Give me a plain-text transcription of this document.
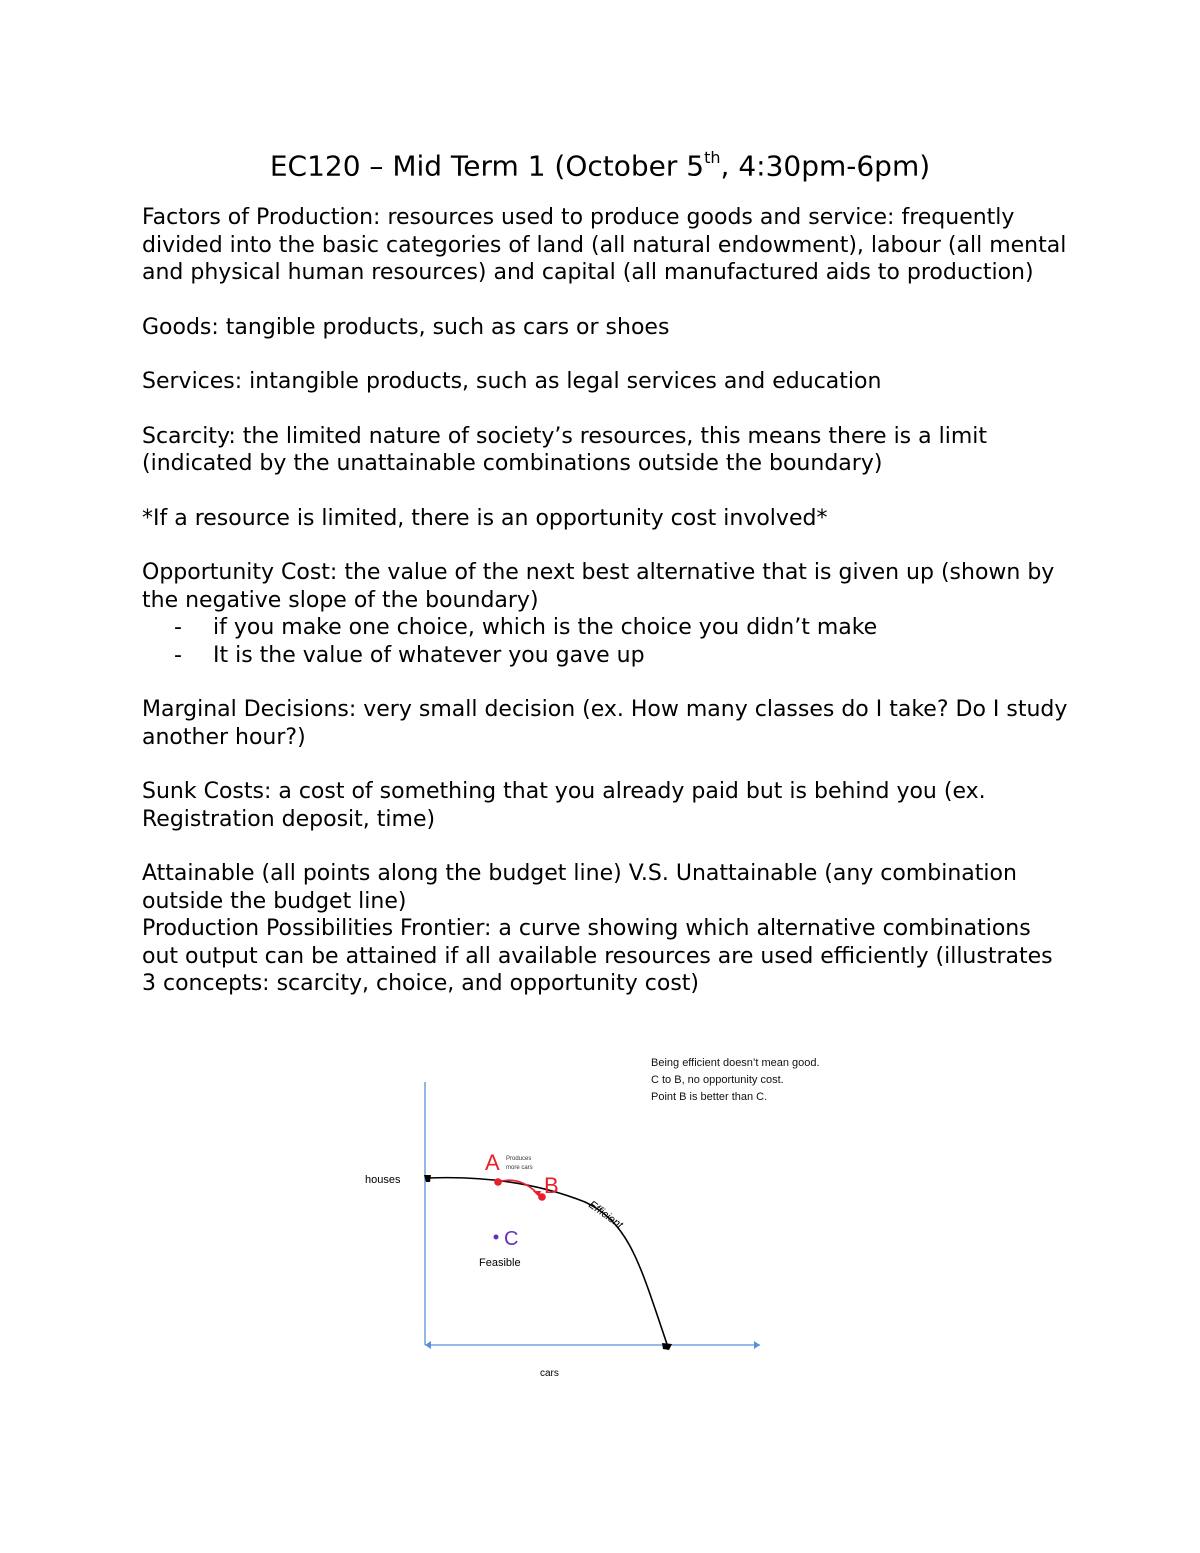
EC120 – Mid Term 1 (October 5th, 4:30pm-6pm)

Factors of Production: resources used to produce goods and service: frequently divided into the basic categories of land (all natural endowment), labour (all mental and physical human resources) and capital (all manufactured aids to production)

Goods: tangible products, such as cars or shoes

Services: intangible products, such as legal services and education

Scarcity: the limited nature of society’s resources, this means there is a limit (indicated by the unattainable combinations outside the boundary)

*If a resource is limited, there is an opportunity cost involved*

Opportunity Cost: the value of the next best alternative that is given up (shown by the negative slope of the boundary)

- if you make one choice, which is the choice you didn’t make
- It is the value of whatever you gave up

Marginal Decisions: very small decision (ex. How many classes do I take? Do I study another hour?)

Sunk Costs: a cost of something that you already paid but is behind you (ex. Registration deposit, time)

Attainable (all points along the budget line) V.S. Unattainable (any combination outside the budget line)

Production Possibilities Frontier: a curve showing which alternative combinations out output can be attained if all available resources are used efficiently (illustrates 3 concepts: scarcity, choice, and opportunity cost)

Being efficient doesn’t mean good.
C to B, no opportunity cost.
Point B is better than C.
houses
cars
Efficient
A Produces more cars
B
C
Feasible
